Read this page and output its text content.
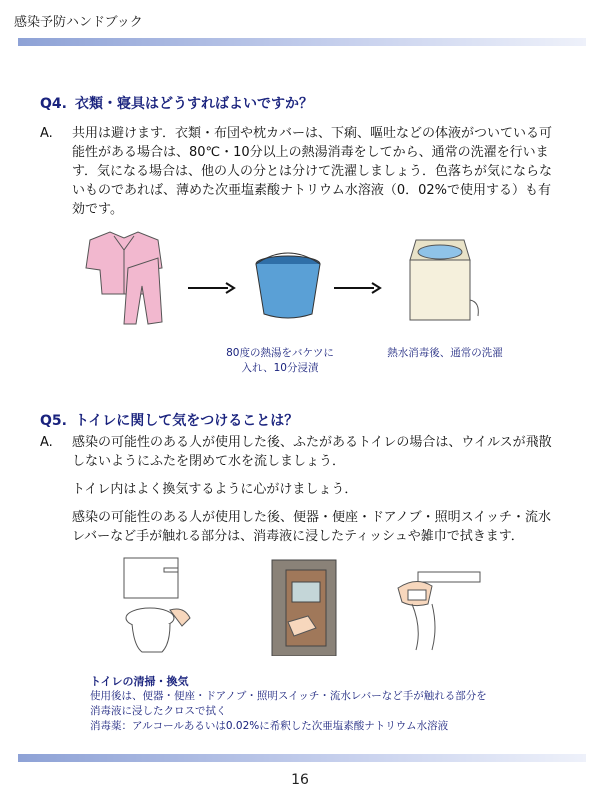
感染予防ハンドブック
Q4. 衣類・寝具はどうすればよいですか？
A. 共用は避けます．衣類・布団や枕カバーは、下痢、嘔吐などの体液がついている可能性がある場合は、80℃・10分以上の熱湯消毒をしてから、通常の洗濯を行います．気になる場合は、他の人の分とは分けて洗濯しましょう．色落ちが気にならないものであれば、薄めた次亜塩素酸ナトリウム水溶液（0．02%で使用する）も有効です。
80度の熱湯をバケツに
入れ、10分浸漬
熱水消毒後、通常の洗濯
Q5. トイレに関して気をつけることは？
A. 感染の可能性のある人が使用した後、ふたがあるトイレの場合は、ウイルスが飛散しないようにふたを閉めて水を流しましょう．
トイレ内はよく換気するように心がけましょう．
感染の可能性のある人が使用した後、便器・便座・ドアノブ・照明スイッチ・流水レバーなど手が触れる部分は、消毒液に浸したティッシュや雑巾で拭きます．
トイレの清掃・換気
使用後は、便器・便座・ドアノブ・照明スイッチ・流水レバーなど手が触れる部分を
消毒液に浸したクロスで拭く
消毒薬：アルコールあるいは0.02%に希釈した次亜塩素酸ナトリウム水溶液
16
